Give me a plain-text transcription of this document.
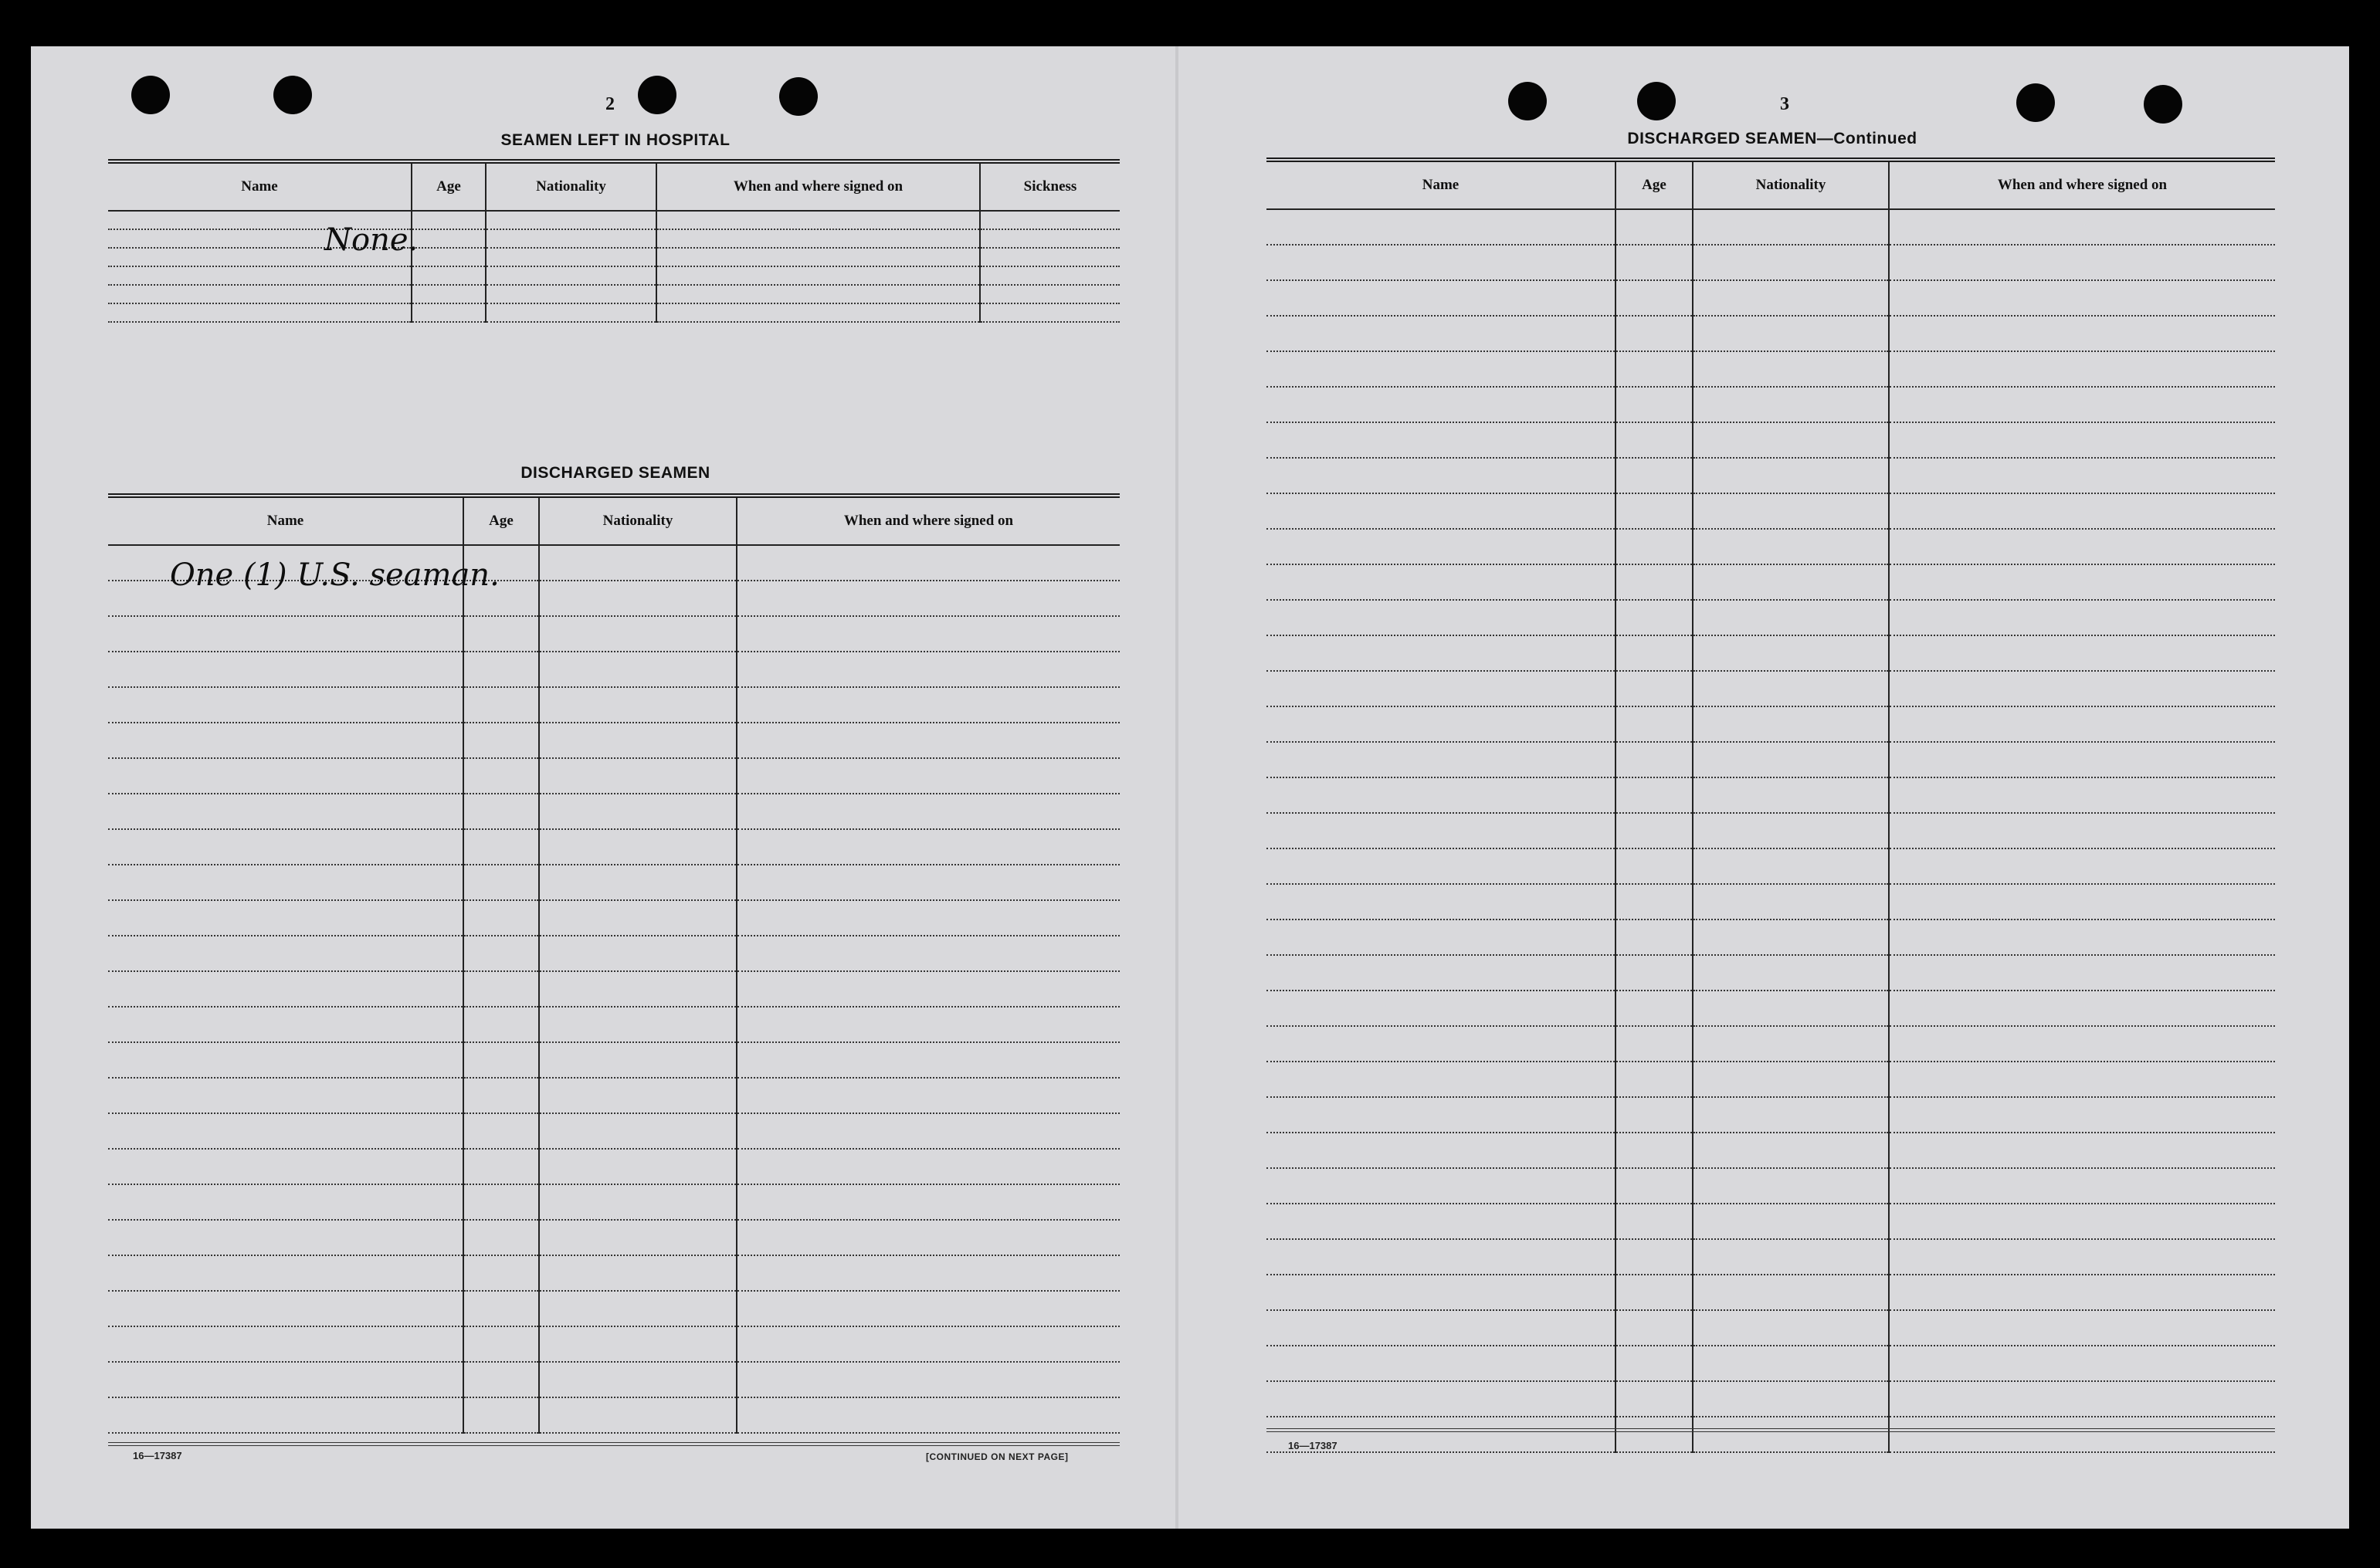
2
SEAMEN LEFT IN HOSPITAL
Name	Age	Nationality	When and where signed on	Sickness

None.
DISCHARGED SEAMEN
Name	Age	Nationality	When and where signed on

One (1) U.S. seaman.
16—17387	[CONTINUED ON NEXT PAGE]
3
DISCHARGED SEAMEN—Continued
Name	Age	Nationality	When and where signed on

16—17387
